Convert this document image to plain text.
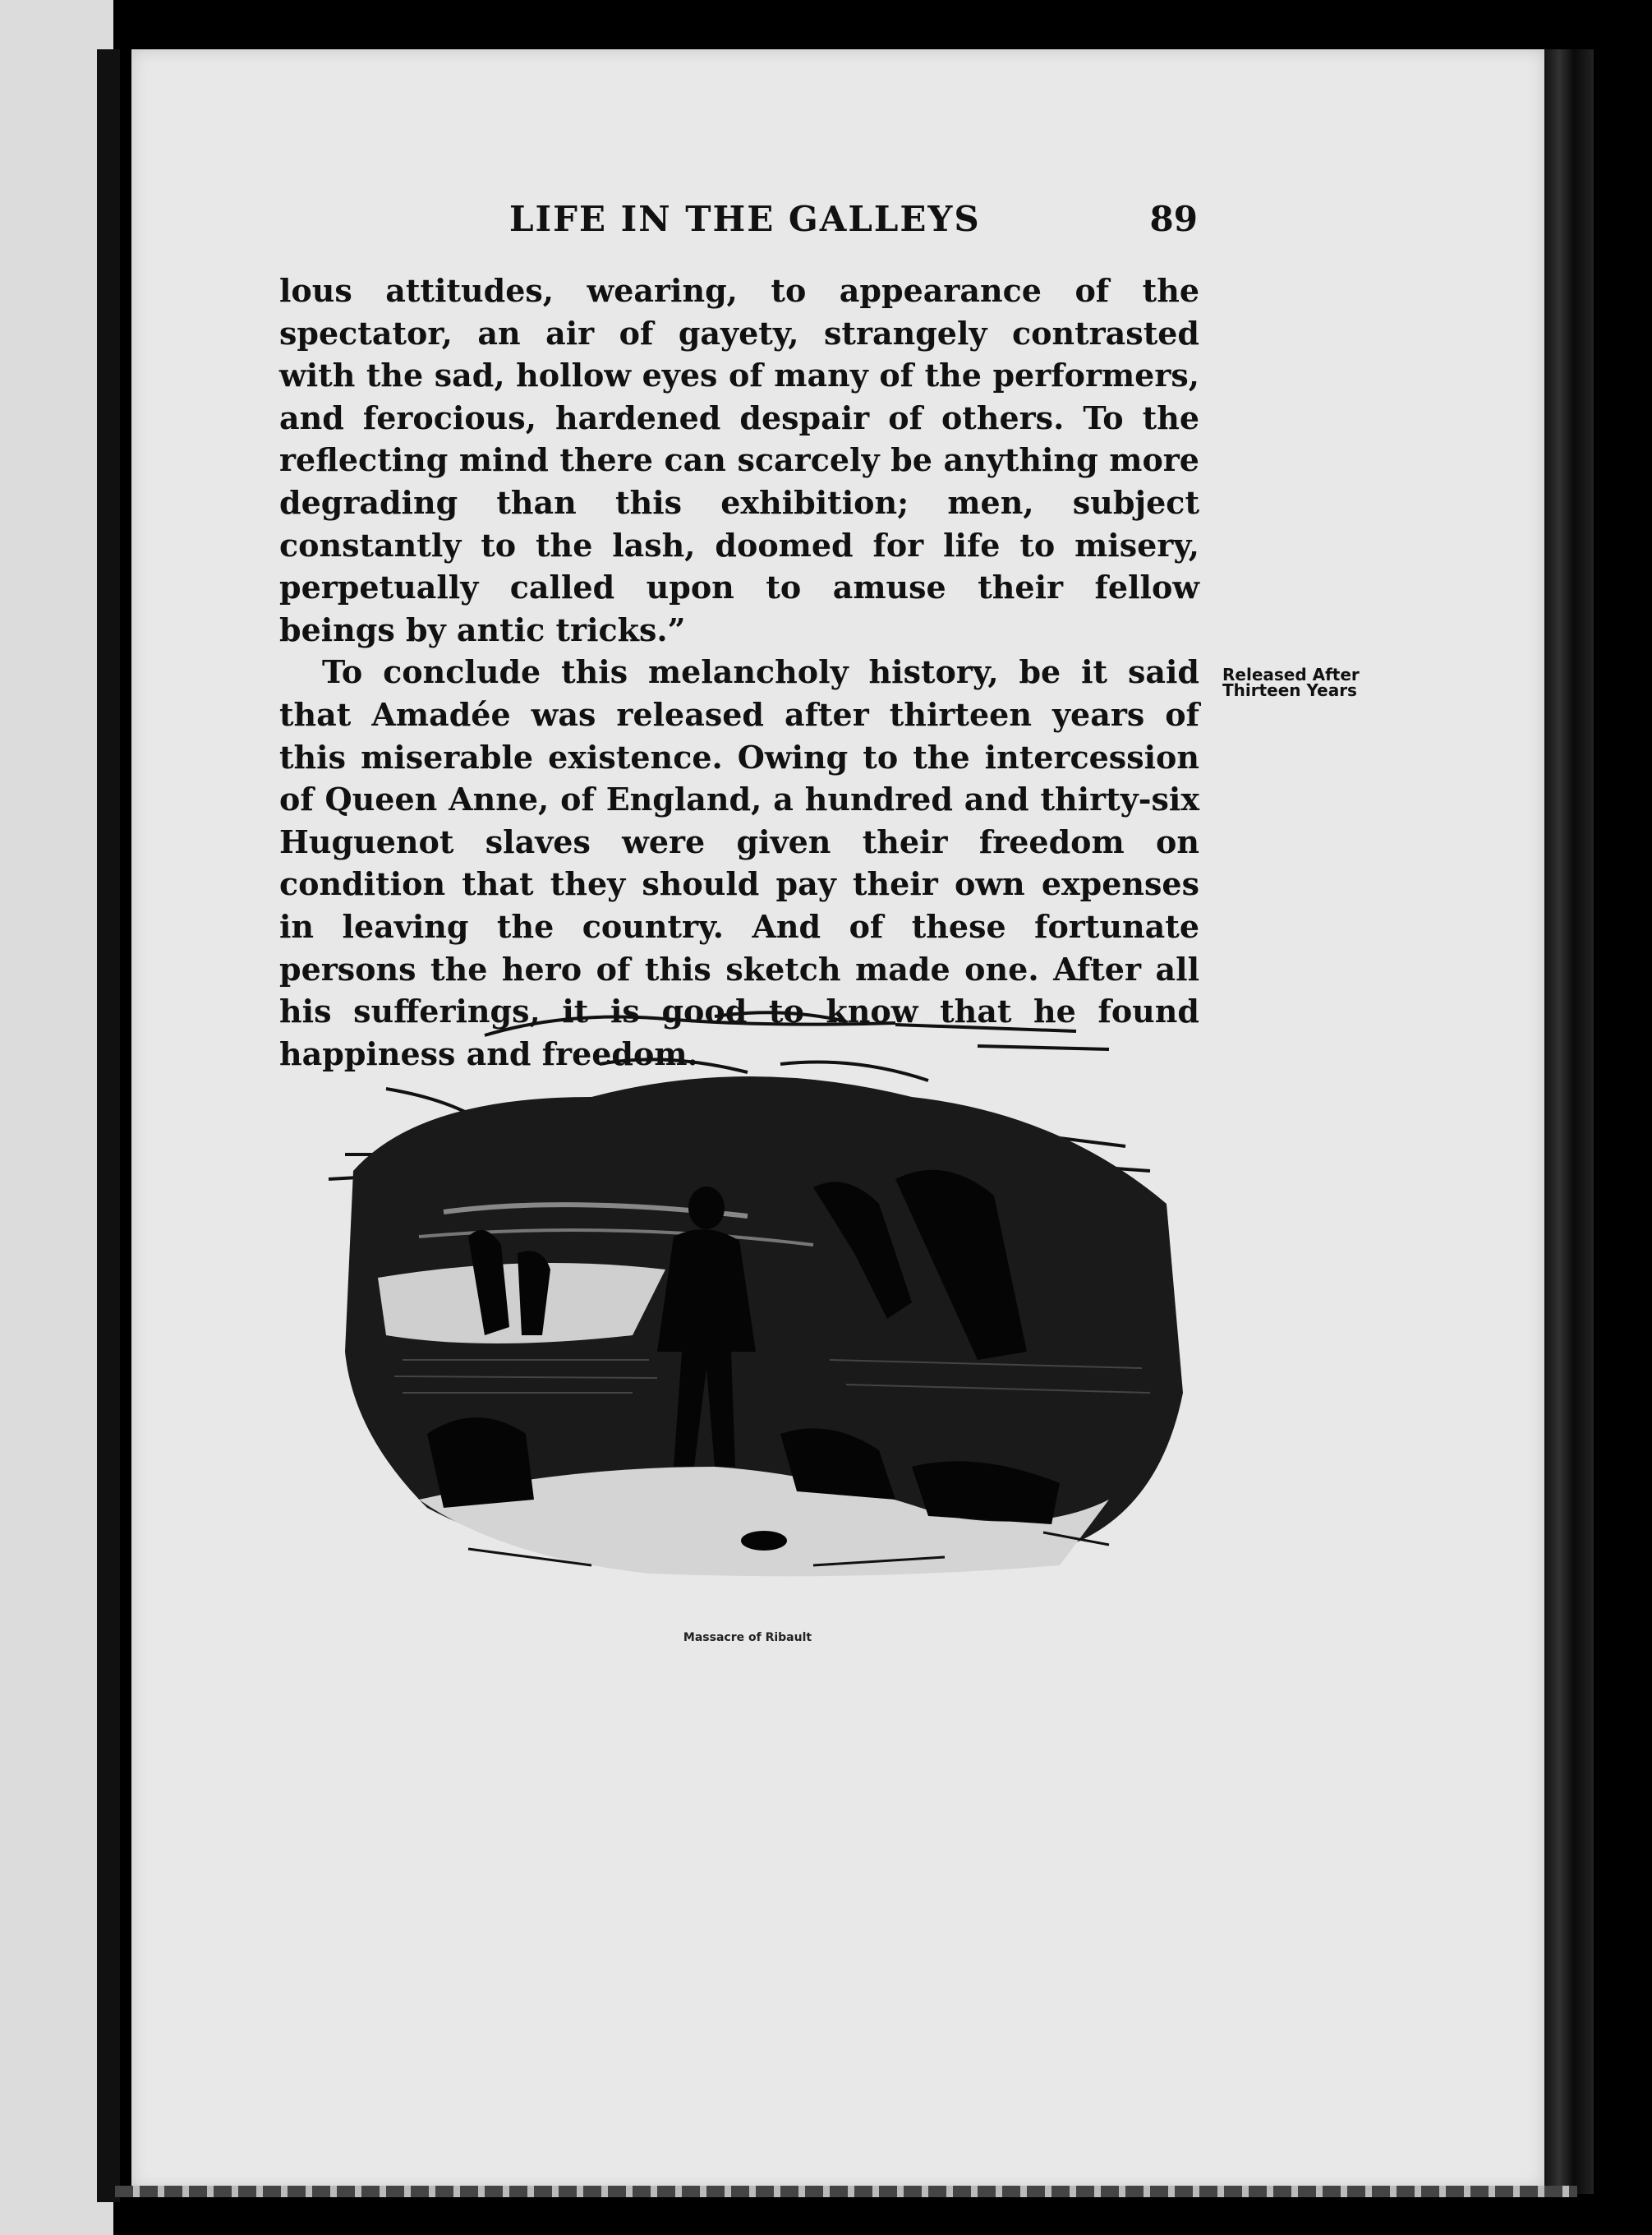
LIFE IN THE GALLEYS	89

lous attitudes, wearing, to appearance of the spectator, an air of gayety, strangely contrasted with the sad, hollow eyes of many of the performers, and ferocious, hardened despair of others. To the reflecting mind there can scarcely be anything more degrading than this exhibition; men, subject constantly to the lash, doomed for life to misery, perpetually called upon to amuse their fellow beings by antic tricks.”

To conclude this melancholy history, be it said that Amadée was released after thirteen years of this miserable existence. Owing to the intercession of Queen Anne, of England, a hundred and thirty-six Huguenot slaves were given their freedom on condition that they should pay their own expenses in leaving the country. And of these fortunate persons the hero of this sketch made one. After all his sufferings, it is good to know that he found happiness and freedom.

Released After Thirteen Years
Massacre of Ribault
